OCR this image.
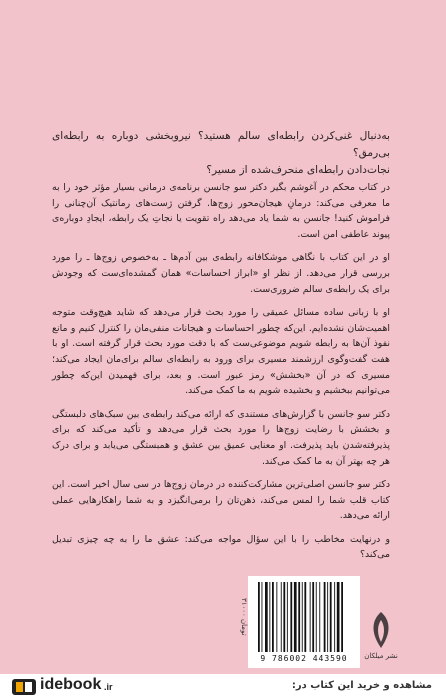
به‌دنبال غنی‌کردن رابطه‌ای سالم هستید؟ نیروبخشی دوباره به رابطه‌ای بی‌رمق؟
نجات‌دادن رابطه‌ای منحرف‌شده از مسیر؟

در کتاب محکم در آغوشم بگیر دکتر سو جانسن برنامه‌ی درمانی بسیار مؤثر خود را به ما معرفی می‌کند: درمانِ هیجان‌محور زوج‌ها. گرفتن ژست‌های رمانتیک آن‌چنانی را فراموش کنید! جانسن به شما یاد می‌دهد راه تقویت یا نجاتِ یک رابطه، ایجادِ دوباره‌ی پیوند عاطفی امن است.

او در این کتاب با نگاهی موشکافانه رابطه‌ی بین آدم‌ها ـ به‌خصوص زوج‌ها ـ را مورد بررسی قرار می‌دهد. از نظر او «ابراز احساسات» همان گمشده‌ای‌ست که وجودش برای یک رابطه‌ی سالم ضروری‌ست.

او با زبانی ساده مسائل عمیقی را مورد بحث قرار می‌دهد که شاید هیچ‌وقت متوجه اهمیت‌شان نشده‌ایم. این‌که چطور احساسات و هیجانات منفی‌مان را کنترل کنیم و مانع نفوذ آن‌ها به رابطه شویم موضوعی‌ست که با دقت مورد بحث قرار گرفته است. او با هفت گفت‌وگوی ارزشمند مسیری برای ورود به رابطه‌ای سالم برای‌مان ایجاد می‌کند؛ مسیری که در آن «بخشش» رمز عبور است. و بعد، برای فهمیدن این‌که چطور می‌توانیم ببخشیم و بخشیده شویم به ما کمک می‌کند.

دکتر سو جانسن با گزارش‌های مستندی که ارائه می‌کند رابطه‌ی بین سبک‌های دلبستگی و بخشش با رضایت زوج‌ها را مورد بحث قرار می‌دهد و تأکید می‌کند که برای پذیرفته‌شدن باید پذیرفت. او معنایی عمیق بین عشق و همبستگی می‌یابد و برای درک هر چه بهتر آن به ما کمک می‌کند.

دکتر سو جانسن اصلی‌ترین مشارکت‌کننده در درمان زوج‌ها در سی سال اخیر است. این کتاب قلب شما را لمس می‌کند، ذهن‌تان را برمی‌انگیزد و به شما راهکارهایی عملی ارائه می‌دهد.

و درنهایت مخاطب را با این سؤال مواجه می‌کند: عشق ما را به چه چیزی تبدیل می‌کند؟

۳۱۰۰۰ تومان
9 786002 443590	نشر میلکان
idebook .ir	مشاهده و خرید این کتاب در:
